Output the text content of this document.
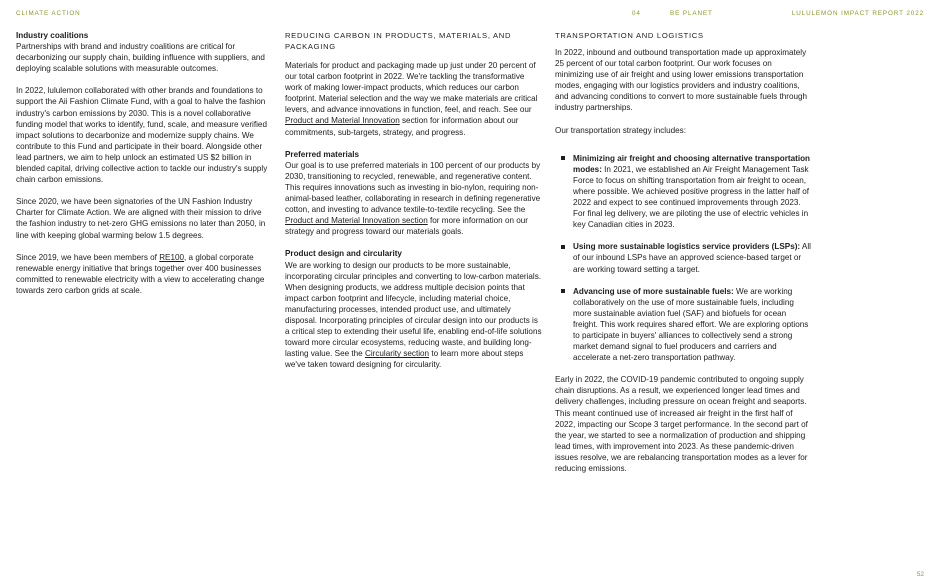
CLIMATE ACTION	04	BE PLANET	LULULEMON IMPACT REPORT 2022
Industry coalitions

Partnerships with brand and industry coalitions are critical for decarbonizing our supply chain, building influence with suppliers, and deploying scalable solutions with measurable outcomes.

In 2022, lululemon collaborated with other brands and foundations to support the Aii Fashion Climate Fund, with a goal to halve the fashion industry's carbon emissions by 2030. This is a novel collaborative funding model that works to identify, fund, scale, and measure verified impact solutions to decarbonize and modernize supply chains. We contribute to this Fund and participate in their board. Alongside other lead partners, we aim to help unlock an estimated US $2 billion in blended capital, driving collective action to tackle our industry's supply chain carbon emissions.

Since 2020, we have been signatories of the UN Fashion Industry Charter for Climate Action. We are aligned with their mission to drive the fashion industry to net-zero GHG emissions no later than 2050, in line with keeping global warming below 1.5 degrees.

Since 2019, we have been members of RE100, a global corporate renewable energy initiative that brings together over 400 businesses committed to renewable electricity with a view to accelerating change towards zero carbon grids at scale.

REDUCING CARBON IN PRODUCTS, MATERIALS, AND PACKAGING

Materials for product and packaging made up just under 20 percent of our total carbon footprint in 2022. We're tackling the transformative work of making lower-impact products, which reduces our carbon footprint. Material selection and the way we make materials are critical levers, and advance innovations in function, feel, and reach. See our Product and Material Innovation section for information about our commitments, sub-targets, strategy, and progress.

Preferred materials

Our goal is to use preferred materials in 100 percent of our products by 2030, transitioning to recycled, renewable, and regenerative content. This requires innovations such as investing in bio-nylon, requiring non-animal-based leather, collaborating in research in defining regenerative cotton, and investing to advance textile-to-textile recycling. See the Product and Material Innovation section for more information on our strategy and progress toward our materials goals.

Product design and circularity

We are working to design our products to be more sustainable, incorporating circular principles and converting to low-carbon materials. When designing products, we address multiple decision points that impact carbon footprint and lifecycle, including material choice, manufacturing processes, intended product use, and ultimately disposal. Incorporating principles of circular design into our products is a critical step to extending their useful life, enabling end-of-life solutions toward more circular ecosystems, reducing waste, and building long-lasting value. See the Circularity section to learn more about steps we've taken toward designing for circularity.

TRANSPORTATION AND LOGISTICS

In 2022, inbound and outbound transportation made up approximately 25 percent of our total carbon footprint. Our work focuses on minimizing use of air freight and using lower emissions transportation modes, engaging with our logistics providers and industry coalitions, and advancing conditions to convert to more sustainable fuels through industry partnerships.

Our transportation strategy includes:

Minimizing air freight and choosing alternative transportation modes: In 2021, we established an Air Freight Management Task Force to focus on shifting transportation from air freight to ocean, where possible. We achieved positive progress in the latter half of 2022 and expect to see continued improvements through 2023. For final leg delivery, we are piloting the use of electric vehicles in key Canadian cities in 2023.
Using more sustainable logistics service providers (LSPs): All of our inbound LSPs have an approved science-based target or are working toward setting a target.
Advancing use of more sustainable fuels: We are working collaboratively on the use of more sustainable fuels, including more sustainable aviation fuel (SAF) and biofuels for ocean freight. This work requires shared effort. We are exploring options to participate in buyers' alliances to collectively send a strong market demand signal to fuel producers and carriers and accelerate a net-zero transportation pathway.

Early in 2022, the COVID-19 pandemic contributed to ongoing supply chain disruptions. As a result, we experienced longer lead times and delivery challenges, including pressure on ocean freight and seaports. This meant continued use of increased air freight in the first half of 2022, impacting our Scope 3 target performance. In the second part of the year, we started to see a normalization of production and shipping lead times, with improvement into 2023. As these pandemic-driven issues resolve, we are rebalancing transportation modes as a lever for reducing emissions.

52
